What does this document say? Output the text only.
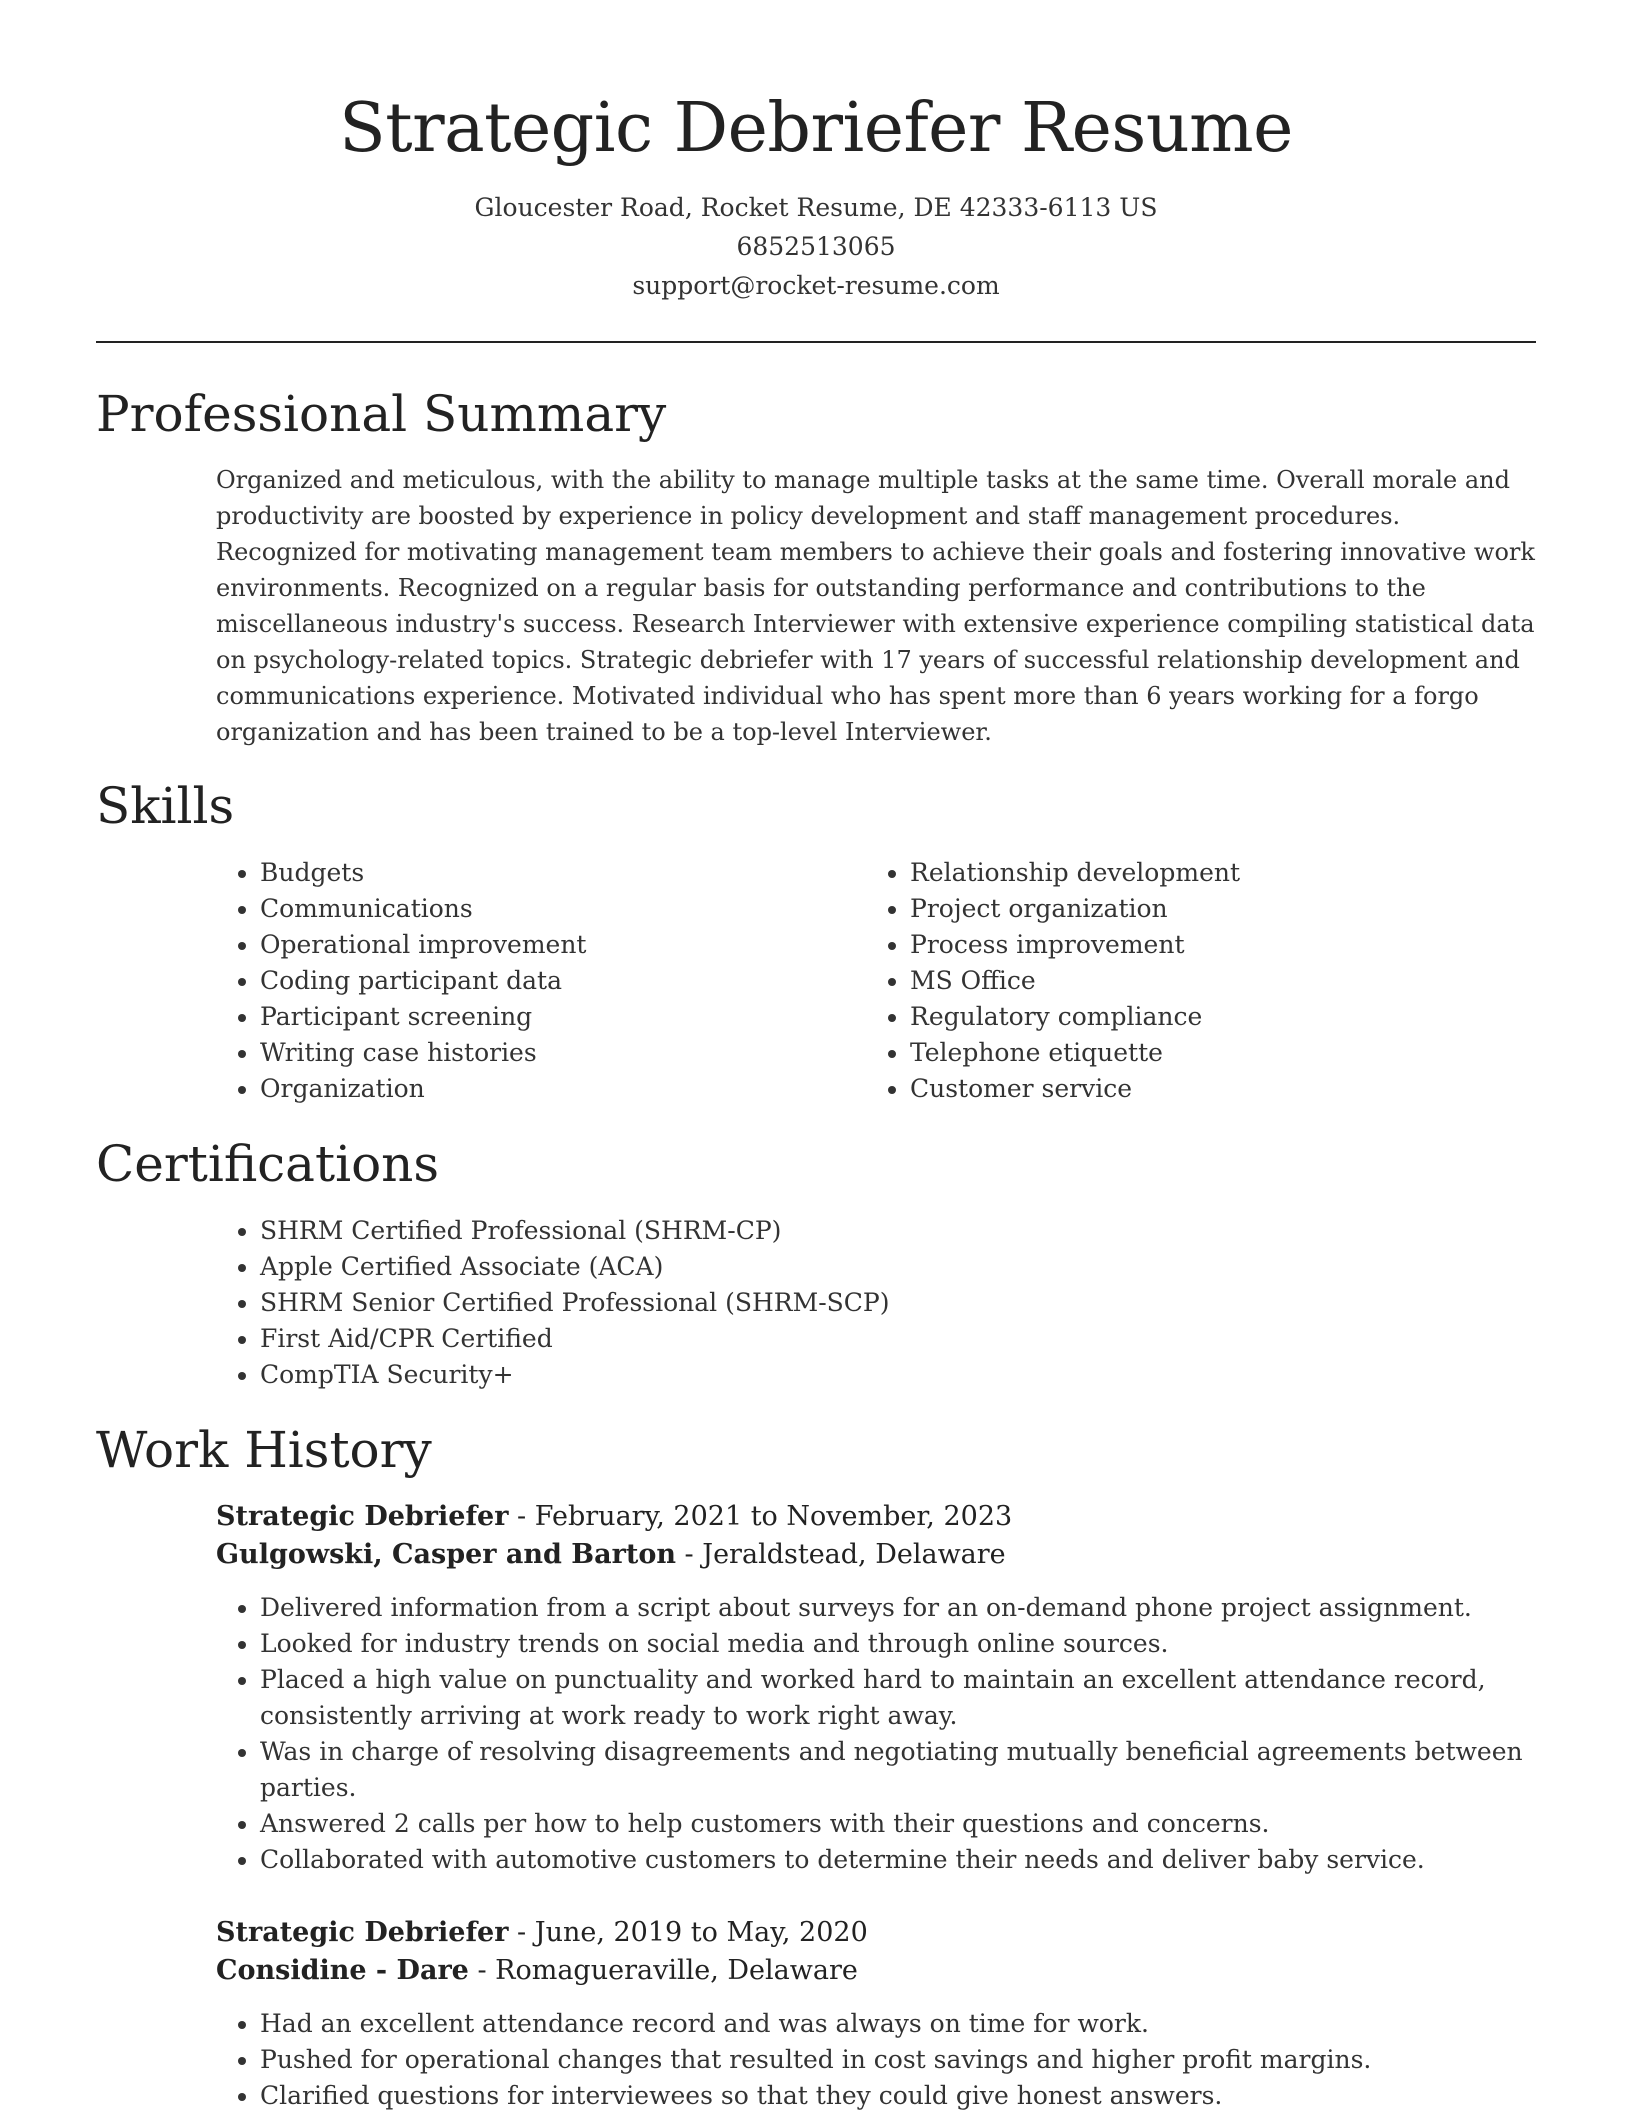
Strategic Debriefer Resume
Gloucester Road, Rocket Resume, DE 42333-6113 US
6852513065
support@rocket-resume.com
Professional Summary

Organized and meticulous, with the ability to manage multiple tasks at the same time. Overall morale and productivity are boosted by experience in policy development and staff management procedures. Recognized for motivating management team members to achieve their goals and fostering innovative work environments. Recognized on a regular basis for outstanding performance and contributions to the miscellaneous industry's success. Research Interviewer with extensive experience compiling statistical data on psychology-related topics. Strategic debriefer with 17 years of successful relationship development and communications experience. Motivated individual who has spent more than 6 years working for a forgo organization and has been trained to be a top-level Interviewer.

Skills
• Budgets
• Communications
• Operational improvement
• Coding participant data
• Participant screening
• Writing case histories
• Organization
• Relationship development
• Project organization
• Process improvement
• MS Office
• Regulatory compliance
• Telephone etiquette
• Customer service
Certifications
• SHRM Certified Professional (SHRM-CP)
• Apple Certified Associate (ACA)
• SHRM Senior Certified Professional (SHRM-SCP)
• First Aid/CPR Certified
• CompTIA Security+
Work History
Strategic Debriefer - February, 2021 to November, 2023
Gulgowski, Casper and Barton - Jeraldstead, Delaware
• Delivered information from a script about surveys for an on-demand phone project assignment.
• Looked for industry trends on social media and through online sources.
• Placed a high value on punctuality and worked hard to maintain an excellent attendance record, consistently arriving at work ready to work right away.
• Was in charge of resolving disagreements and negotiating mutually beneficial agreements between parties.
• Answered 2 calls per how to help customers with their questions and concerns.
• Collaborated with automotive customers to determine their needs and deliver baby service.
Strategic Debriefer - June, 2019 to May, 2020
Considine - Dare - Romagueraville, Delaware
• Had an excellent attendance record and was always on time for work.
• Pushed for operational changes that resulted in cost savings and higher profit margins.
• Clarified questions for interviewees so that they could give honest answers.
